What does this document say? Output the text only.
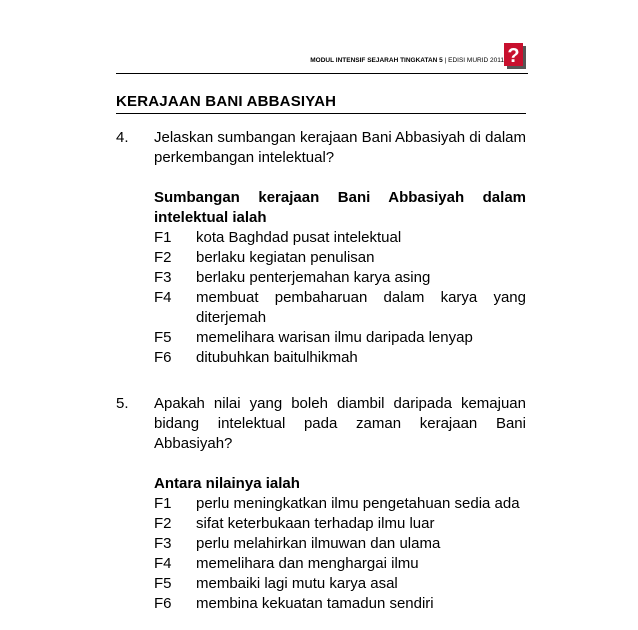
MODUL INTENSIF SEJARAH TINGKATAN 5 | EDISI MURID 2011 ?
KERAJAAN BANI ABBASIYAH
4. Jelaskan sumbangan kerajaan Bani Abbasiyah di dalam perkembangan intelektual?
Sumbangan kerajaan Bani Abbasiyah dalam intelektual ialah
F1 kota Baghdad pusat intelektual
F2 berlaku kegiatan penulisan
F3 berlaku penterjemahan karya asing
F4 membuat pembaharuan dalam karya yang diterjemah
F5 memelihara warisan ilmu daripada lenyap
F6 ditubuhkan baitulhikmah
5. Apakah nilai yang boleh diambil daripada kemajuan bidang intelektual pada zaman kerajaan Bani Abbasiyah?
Antara nilainya ialah
F1 perlu meningkatkan ilmu pengetahuan sedia ada
F2 sifat keterbukaan terhadap ilmu luar
F3 perlu melahirkan ilmuwan dan ulama
F4 memelihara dan menghargai ilmu
F5 membaiki lagi mutu karya asal
F6 membina kekuatan tamadun sendiri
